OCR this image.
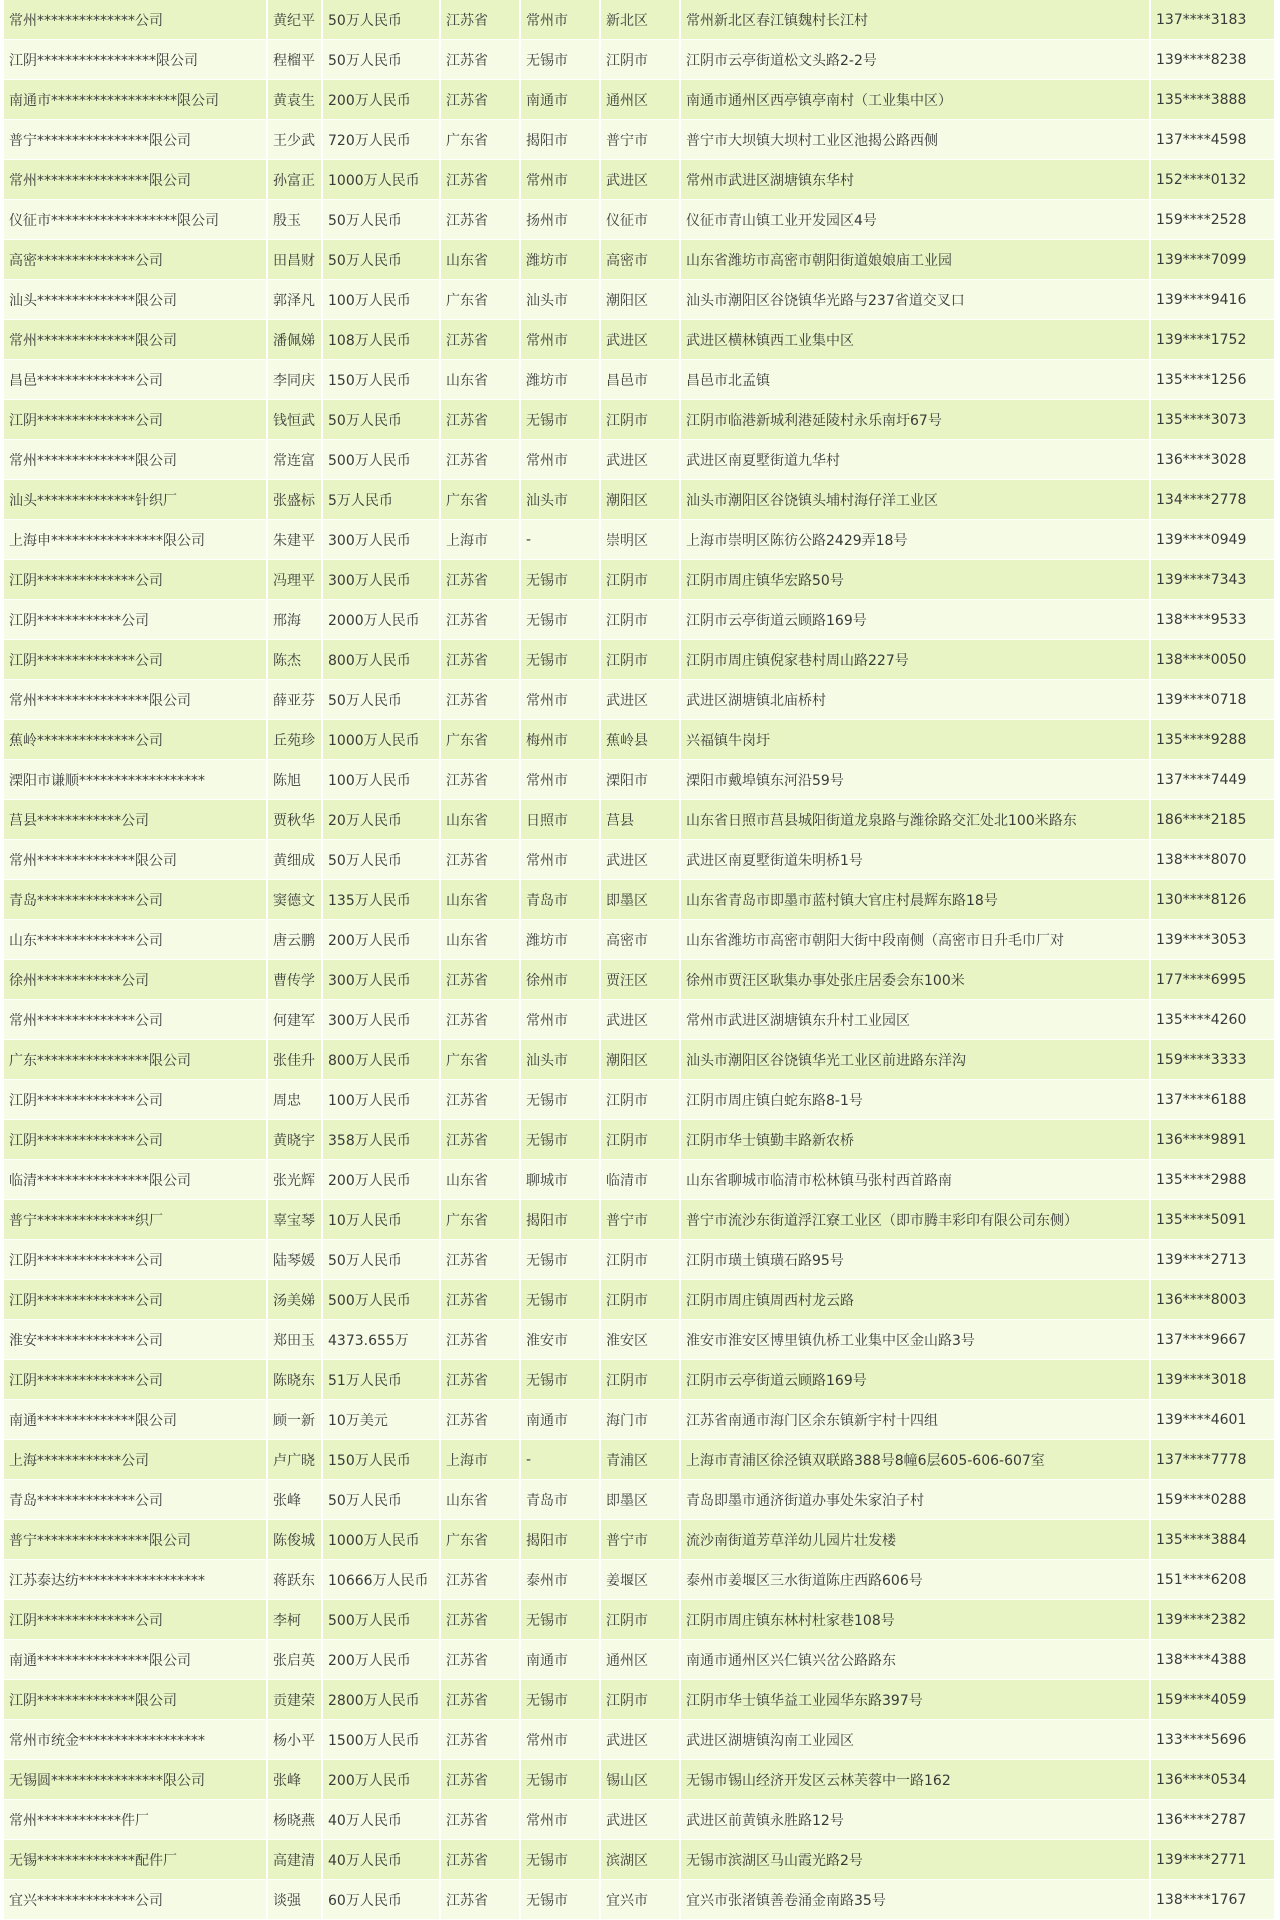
常州**************公司	黄纪平	50万人民币	江苏省	常州市	新北区	常州新北区春江镇魏村长江村	137****3183
江阴*****************限公司	程榴平	50万人民币	江苏省	无锡市	江阴市	江阴市云亭街道松文头路2-2号	139****8238
南通市******************限公司	黄袁生	200万人民币	江苏省	南通市	通州区	南通市通州区西亭镇亭南村（工业集中区）	135****3888
普宁****************限公司	王少武	720万人民币	广东省	揭阳市	普宁市	普宁市大坝镇大坝村工业区池揭公路西侧	137****4598
常州****************限公司	孙富正	1000万人民币	江苏省	常州市	武进区	常州市武进区湖塘镇东华村	152****0132
仪征市******************限公司	殷玉	50万人民币	江苏省	扬州市	仪征市	仪征市青山镇工业开发园区4号	159****2528
高密**************公司	田昌财	50万人民币	山东省	潍坊市	高密市	山东省潍坊市高密市朝阳街道娘娘庙工业园	139****7099
汕头**************限公司	郭泽凡	100万人民币	广东省	汕头市	潮阳区	汕头市潮阳区谷饶镇华光路与237省道交叉口	139****9416
常州**************限公司	潘佩娣	108万人民币	江苏省	常州市	武进区	武进区横林镇西工业集中区	139****1752
昌邑**************公司	李同庆	150万人民币	山东省	潍坊市	昌邑市	昌邑市北孟镇	135****1256
江阴**************公司	钱恒武	50万人民币	江苏省	无锡市	江阴市	江阴市临港新城利港延陵村永乐南圩67号	135****3073
常州**************限公司	常连富	500万人民币	江苏省	常州市	武进区	武进区南夏墅街道九华村	136****3028
汕头**************针织厂	张盛标	5万人民币	广东省	汕头市	潮阳区	汕头市潮阳区谷饶镇头埔村海仔洋工业区	134****2778
上海申****************限公司	朱建平	300万人民币	上海市	-	崇明区	上海市崇明区陈彷公路2429弄18号	139****0949
江阴**************公司	冯理平	300万人民币	江苏省	无锡市	江阴市	江阴市周庄镇华宏路50号	139****7343
江阴************公司	邢海	2000万人民币	江苏省	无锡市	江阴市	江阴市云亭街道云顾路169号	138****9533
江阴**************公司	陈杰	800万人民币	江苏省	无锡市	江阴市	江阴市周庄镇倪家巷村周山路227号	138****0050
常州****************限公司	薛亚芬	50万人民币	江苏省	常州市	武进区	武进区湖塘镇北庙桥村	139****0718
蕉岭**************公司	丘苑珍	1000万人民币	广东省	梅州市	蕉岭县	兴福镇牛岗圩	135****9288
溧阳市谦顺******************	陈旭	100万人民币	江苏省	常州市	溧阳市	溧阳市戴埠镇东河沿59号	137****7449
莒县************公司	贾秋华	20万人民币	山东省	日照市	莒县	山东省日照市莒县城阳街道龙泉路与潍徐路交汇处北100米路东	186****2185
常州**************限公司	黄细成	50万人民币	江苏省	常州市	武进区	武进区南夏墅街道朱明桥1号	138****8070
青岛**************公司	窦德文	135万人民币	山东省	青岛市	即墨区	山东省青岛市即墨市蓝村镇大官庄村晨辉东路18号	130****8126
山东**************公司	唐云鹏	200万人民币	山东省	潍坊市	高密市	山东省潍坊市高密市朝阳大街中段南侧（高密市日升毛巾厂对	139****3053
徐州************公司	曹传学	300万人民币	江苏省	徐州市	贾汪区	徐州市贾汪区耿集办事处张庄居委会东100米	177****6995
常州**************公司	何建军	300万人民币	江苏省	常州市	武进区	常州市武进区湖塘镇东升村工业园区	135****4260
广东****************限公司	张佳升	800万人民币	广东省	汕头市	潮阳区	汕头市潮阳区谷饶镇华光工业区前进路东洋沟	159****3333
江阴**************公司	周忠	100万人民币	江苏省	无锡市	江阴市	江阴市周庄镇白蛇东路8-1号	137****6188
江阴**************公司	黄晓宇	358万人民币	江苏省	无锡市	江阴市	江阴市华士镇勤丰路新农桥	136****9891
临清****************限公司	张光辉	200万人民币	山东省	聊城市	临清市	山东省聊城市临清市松林镇马张村西首路南	135****2988
普宁**************织厂	辜宝琴	10万人民币	广东省	揭阳市	普宁市	普宁市流沙东街道浮江寮工业区（即市腾丰彩印有限公司东侧）	135****5091
江阴**************公司	陆琴媛	50万人民币	江苏省	无锡市	江阴市	江阴市璜土镇璜石路95号	139****2713
江阴**************公司	汤美娣	500万人民币	江苏省	无锡市	江阴市	江阴市周庄镇周西村龙云路	136****8003
淮安**************公司	郑田玉	4373.655万	江苏省	淮安市	淮安区	淮安市淮安区博里镇仇桥工业集中区金山路3号	137****9667
江阴**************公司	陈晓东	51万人民币	江苏省	无锡市	江阴市	江阴市云亭街道云顾路169号	139****3018
南通**************限公司	顾一新	10万美元	江苏省	南通市	海门市	江苏省南通市海门区余东镇新宇村十四组	139****4601
上海************公司	卢广晓	150万人民币	上海市	-	青浦区	上海市青浦区徐泾镇双联路388号8幢6层605-606-607室	137****7778
青岛**************公司	张峰	50万人民币	山东省	青岛市	即墨区	青岛即墨市通济街道办事处朱家泊子村	159****0288
普宁****************限公司	陈俊城	1000万人民币	广东省	揭阳市	普宁市	流沙南街道芳草洋幼儿园片壮发楼	135****3884
江苏泰达纺******************	蒋跃东	10666万人民币	江苏省	泰州市	姜堰区	泰州市姜堰区三水街道陈庄西路606号	151****6208
江阴**************公司	李柯	500万人民币	江苏省	无锡市	江阴市	江阴市周庄镇东林村杜家巷108号	139****2382
南通****************限公司	张启英	200万人民币	江苏省	南通市	通州区	南通市通州区兴仁镇兴岔公路路东	138****4388
江阴**************限公司	贡建荣	2800万人民币	江苏省	无锡市	江阴市	江阴市华士镇华益工业园华东路397号	159****4059
常州市统金******************	杨小平	1500万人民币	江苏省	常州市	武进区	武进区湖塘镇沟南工业园区	133****5696
无锡圆****************限公司	张峰	200万人民币	江苏省	无锡市	锡山区	无锡市锡山经济开发区云林芙蓉中一路162	136****0534
常州************件厂	杨晓燕	40万人民币	江苏省	常州市	武进区	武进区前黄镇永胜路12号	136****2787
无锡**************配件厂	高建清	40万人民币	江苏省	无锡市	滨湖区	无锡市滨湖区马山霞光路2号	139****2771
宜兴**************公司	谈强	60万人民币	江苏省	无锡市	宜兴市	宜兴市张渚镇善卷涌金南路35号	138****1767
